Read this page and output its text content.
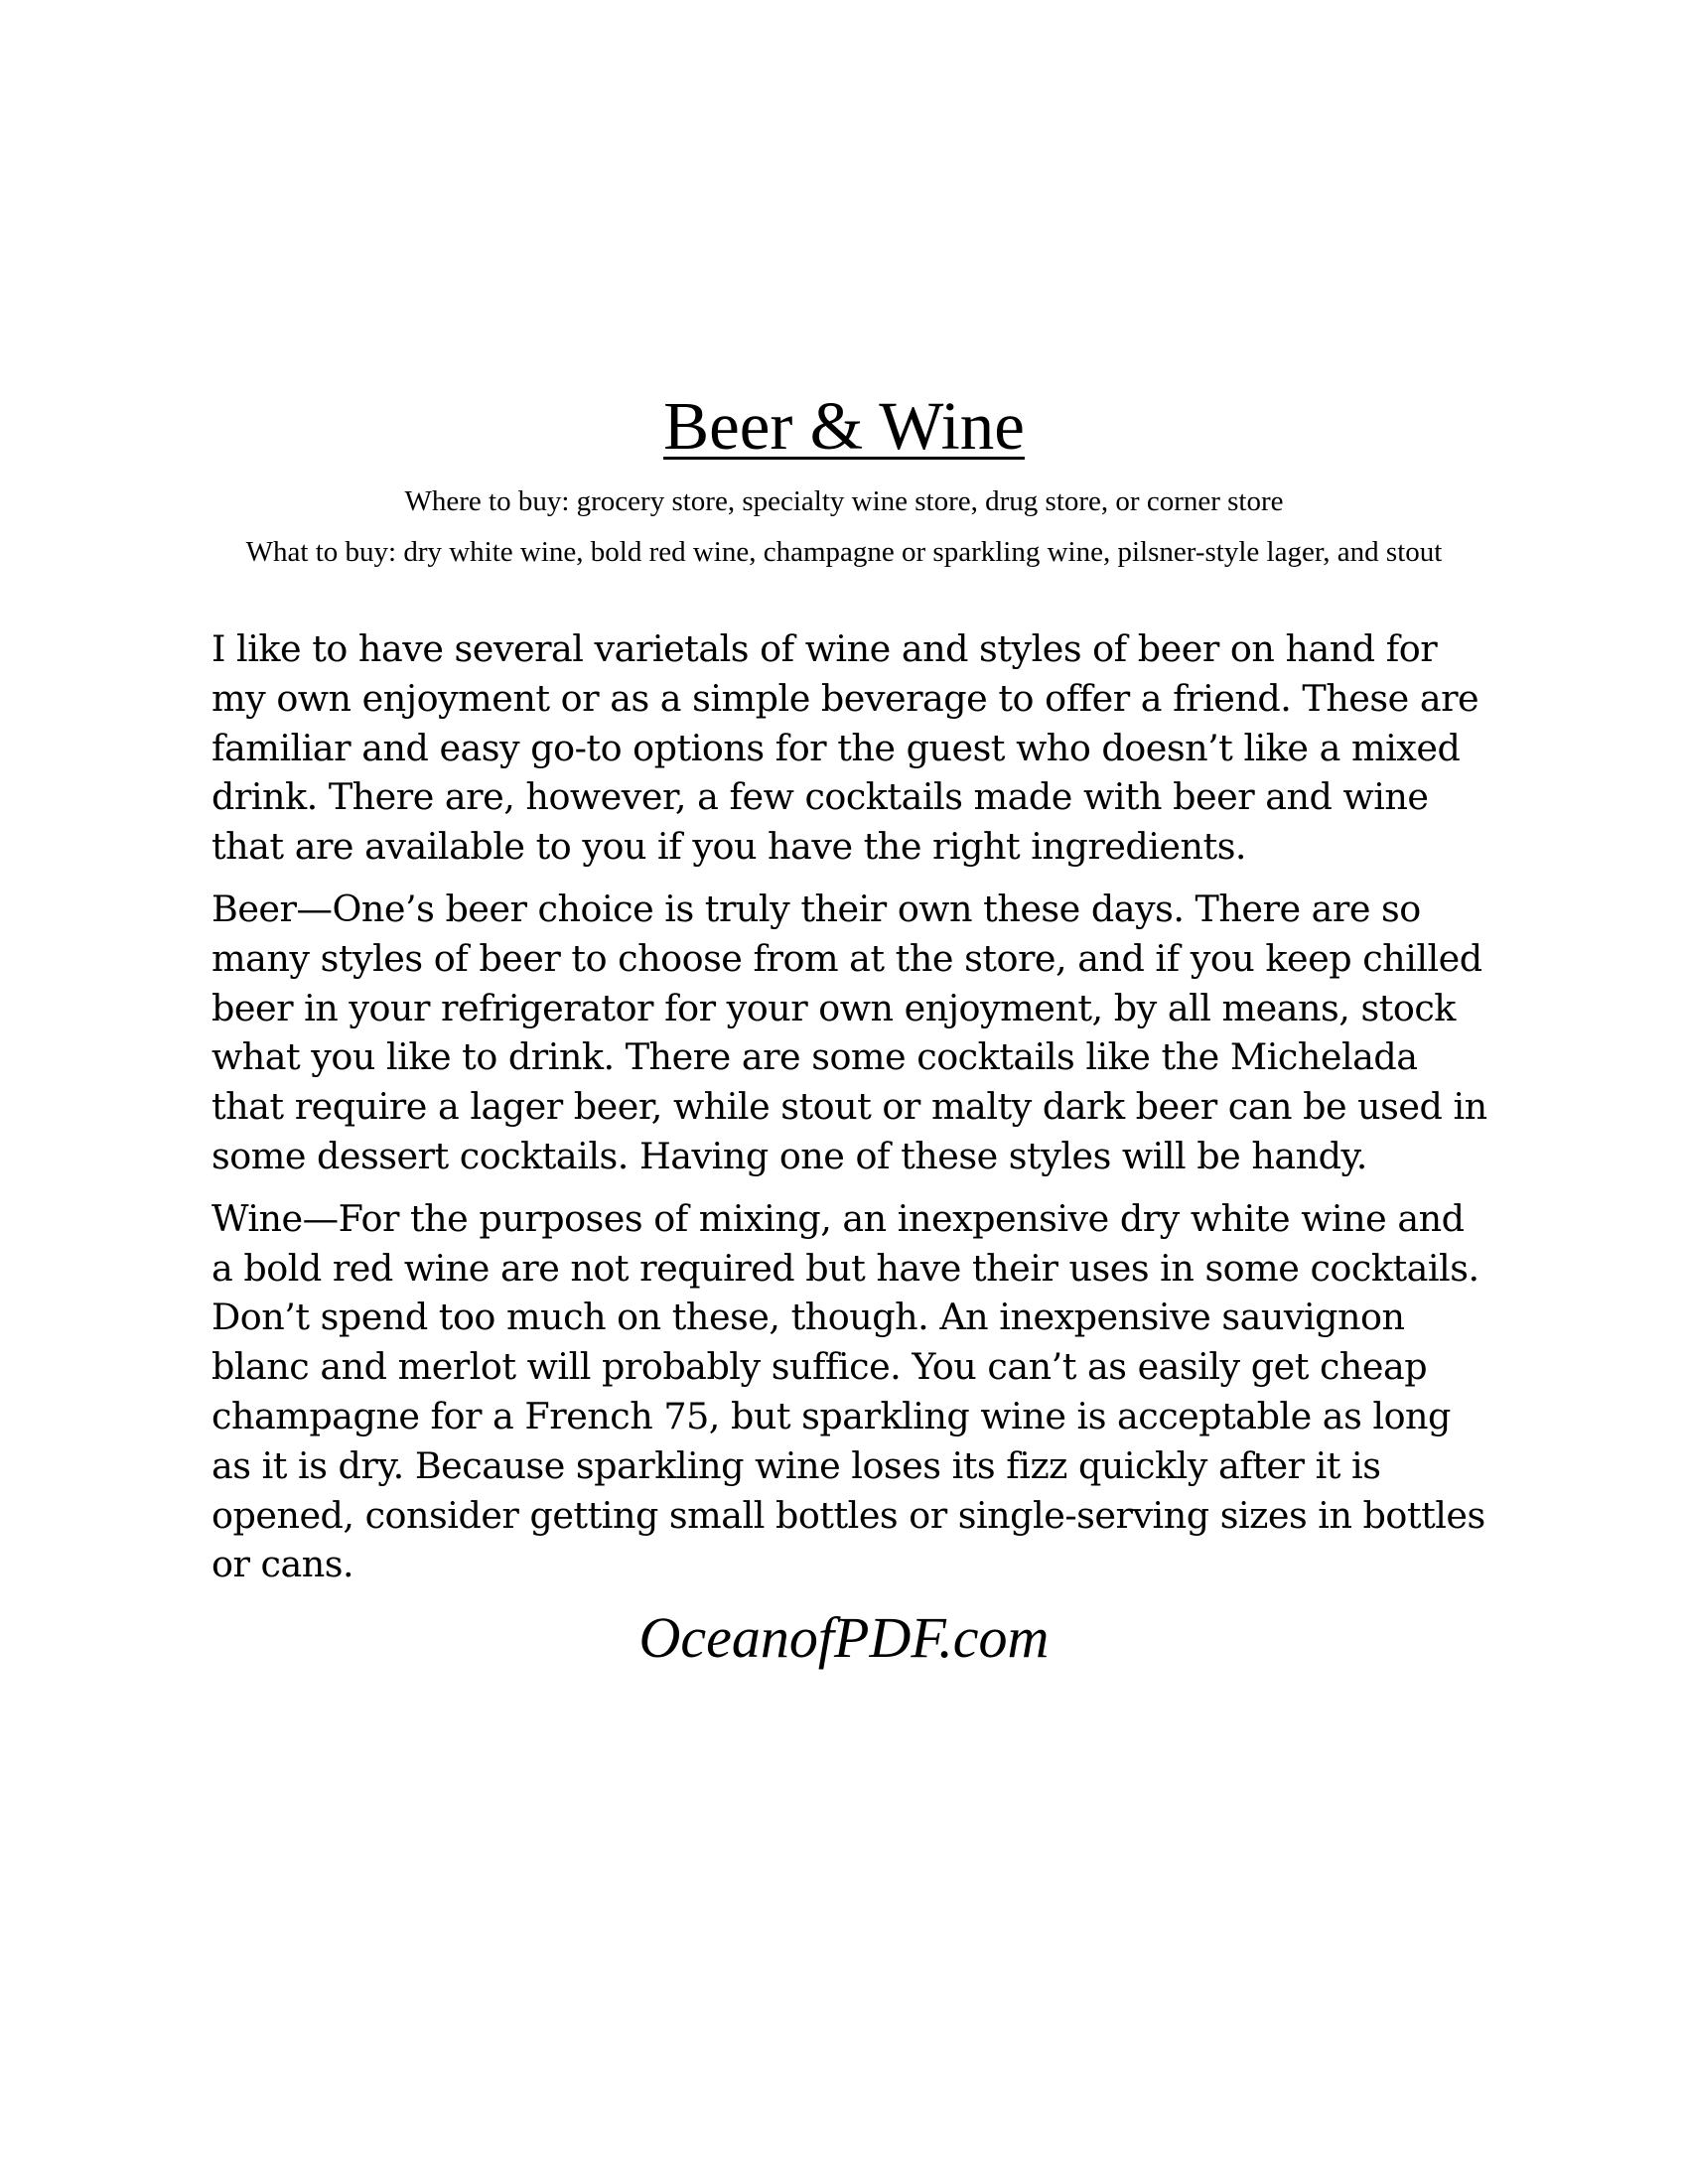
Beer & Wine
Where to buy: grocery store, specialty wine store, drug store, or corner store
What to buy: dry white wine, bold red wine, champagne or sparkling wine, pilsner-style lager, and stout

I like to have several varietals of wine and styles of beer on hand for my own enjoyment or as a simple beverage to offer a friend. These are familiar and easy go-to options for the guest who doesn’t like a mixed drink. There are, however, a few cocktails made with beer and wine that are available to you if you have the right ingredients.

Beer—One’s beer choice is truly their own these days. There are so many styles of beer to choose from at the store, and if you keep chilled beer in your refrigerator for your own enjoyment, by all means, stock what you like to drink. There are some cocktails like the Michelada that require a lager beer, while stout or malty dark beer can be used in some dessert cocktails. Having one of these styles will be handy.

Wine—For the purposes of mixing, an inexpensive dry white wine and a bold red wine are not required but have their uses in some cocktails. Don’t spend too much on these, though. An inexpensive sauvignon blanc and merlot will probably suffice. You can’t as easily get cheap champagne for a French 75, but sparkling wine is acceptable as long as it is dry. Because sparkling wine loses its fizz quickly after it is opened, consider getting small bottles or single-serving sizes in bottles or cans.

OceanofPDF.com
